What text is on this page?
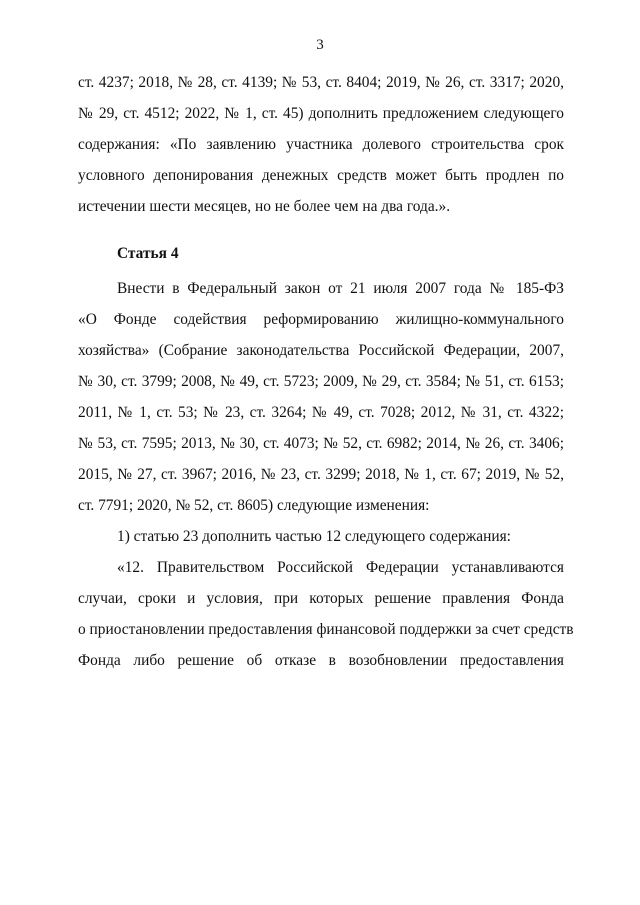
3
ст. 4237; 2018, № 28, ст. 4139; № 53, ст. 8404; 2019, № 26, ст. 3317; 2020,
№ 29, ст. 4512; 2022, № 1, ст. 45) дополнить предложением следующего
содержания: «По заявлению участника долевого строительства срок
условного депонирования денежных средств может быть продлен по
истечении шести месяцев, но не более чем на два года.».
Статья 4
Внести в Федеральный закон от 21 июля 2007 года № 185-ФЗ
«О Фонде содействия реформированию жилищно-коммунального
хозяйства» (Собрание законодательства Российской Федерации, 2007,
№ 30, ст. 3799; 2008, № 49, ст. 5723; 2009, № 29, ст. 3584; № 51, ст. 6153;
2011, № 1, ст. 53; № 23, ст. 3264; № 49, ст. 7028; 2012, № 31, ст. 4322;
№ 53, ст. 7595; 2013, № 30, ст. 4073; № 52, ст. 6982; 2014, № 26, ст. 3406;
2015, № 27, ст. 3967; 2016, № 23, ст. 3299; 2018, № 1, ст. 67; 2019, № 52,
ст. 7791; 2020, № 52, ст. 8605) следующие изменения:
1) статью 23 дополнить частью 12 следующего содержания:
«12. Правительством Российской Федерации устанавливаются
случаи, сроки и условия, при которых решение правления Фонда
о приостановлении предоставления финансовой поддержки за счет средств
Фонда либо решение об отказе в возобновлении предоставления
